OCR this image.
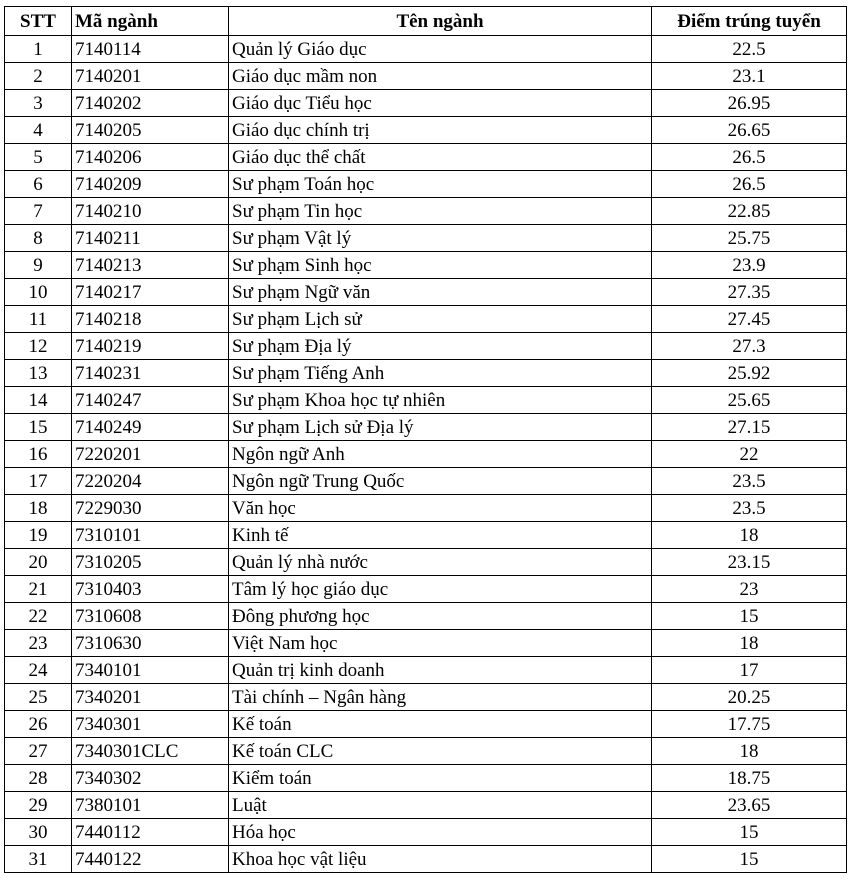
STT	Mã ngành	Tên ngành	Điểm trúng tuyển
1	7140114	Quản lý Giáo dục	22.5
2	7140201	Giáo dục mầm non	23.1
3	7140202	Giáo dục Tiểu học	26.95
4	7140205	Giáo dục chính trị	26.65
5	7140206	Giáo dục thể chất	26.5
6	7140209	Sư phạm Toán học	26.5
7	7140210	Sư phạm Tin học	22.85
8	7140211	Sư phạm Vật lý	25.75
9	7140213	Sư phạm Sinh học	23.9
10	7140217	Sư phạm Ngữ văn	27.35
11	7140218	Sư phạm Lịch sử	27.45
12	7140219	Sư phạm Địa lý	27.3
13	7140231	Sư phạm Tiếng Anh	25.92
14	7140247	Sư phạm Khoa học tự nhiên	25.65
15	7140249	Sư phạm Lịch sử Địa lý	27.15
16	7220201	Ngôn ngữ Anh	22
17	7220204	Ngôn ngữ Trung Quốc	23.5
18	7229030	Văn học	23.5
19	7310101	Kinh tế	18
20	7310205	Quản lý nhà nước	23.15
21	7310403	Tâm lý học giáo dục	23
22	7310608	Đông phương học	15
23	7310630	Việt Nam học	18
24	7340101	Quản trị kinh doanh	17
25	7340201	Tài chính – Ngân hàng	20.25
26	7340301	Kế toán	17.75
27	7340301CLC	Kế toán CLC	18
28	7340302	Kiểm toán	18.75
29	7380101	Luật	23.65
30	7440112	Hóa học	15
31	7440122	Khoa học vật liệu	15
